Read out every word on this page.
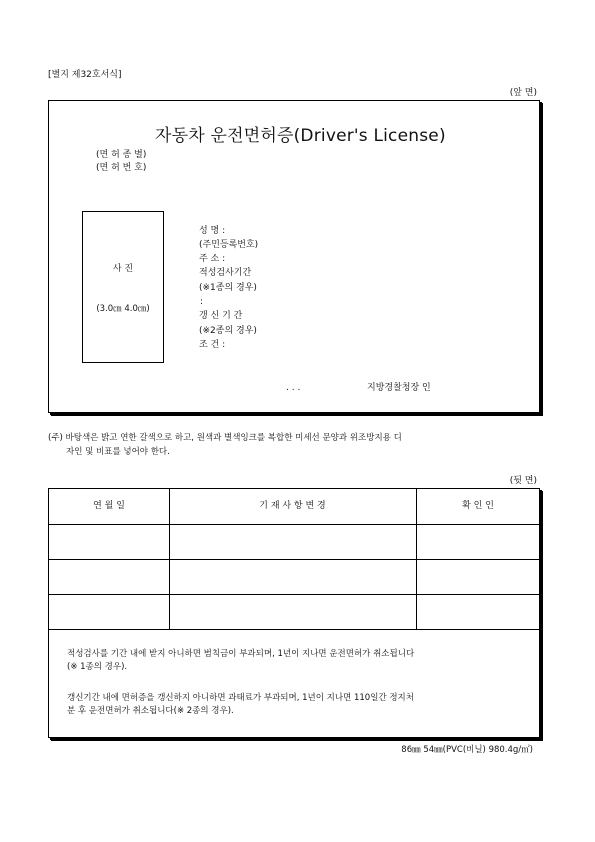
[별지 제32호서식]
(앞 면)
자동차 운전면허증(Driver's License)
(면 허 종 별)
(면 허 번 호)
사 진
(3.0㎝ 4.0㎝)
성 명 :
(주민등록번호)
주 소 :
적성검사기간
(※1종의 경우)
:
갱 신 기 간
(※2종의 경우)
조 건 :
. . .	지방경찰청장 인
(주) 바탕색은 밝고 연한 갈색으로 하고, 원색과 별색잉크를 복합한 미세선 문양과 위조방지용 디
자인 및 비표를 넣어야 한다.
(뒷 면)
연 월 일	기 재 사 항 변 경	확 인 인
적성검사를 기간 내에 받지 아니하면 범칙금이 부과되며, 1년이 지나면 운전면허가 취소됩니다
(※ 1종의 경우).
갱신기간 내에 면허증을 갱신하지 아니하면 과태료가 부과되며, 1년이 지나면 110일간 정지처
분 후 운전면허가 취소됩니다(※ 2종의 경우).
86㎜ 54㎜(PVC(비닐) 980.4g/㎡)
